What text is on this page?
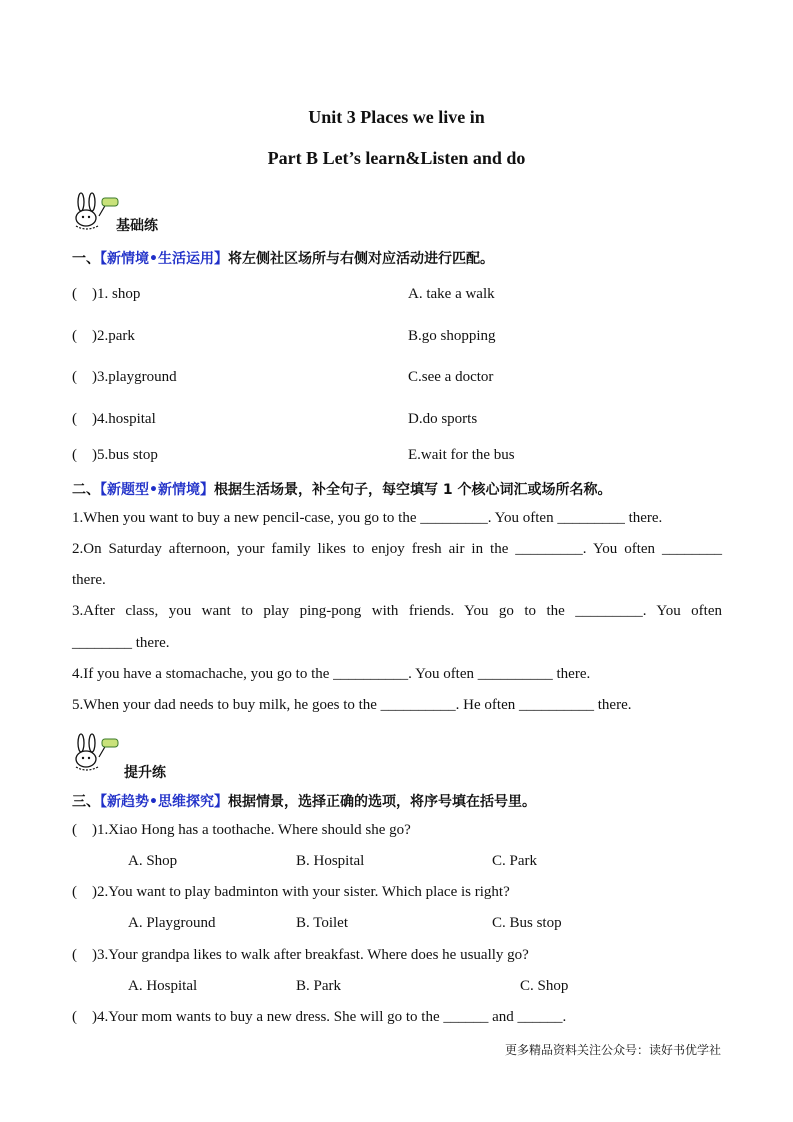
Unit 3 Places we live in
Part B Let’s learn&Listen and do
基础练
一、【新情境•生活运用】将左侧社区场所与右侧对应活动进行匹配。
(    )1. shop	A. take a walk
(    )2.park	B.go shopping
(    )3.playground	C.see a doctor
(    )4.hospital	D.do sports
(    )5.bus stop	E.wait for the bus
二、【新题型•新情境】根据生活场景，补全句子，每空填写 1 个核心词汇或场所名称。
1.When you want to buy a new pencil-case, you go to the _________. You often _________ there.
2.On Saturday afternoon, your family likes to enjoy fresh air in the _________. You often ________
there.
3.After class, you want to play ping-pong with friends. You go to the _________. You often
________ there.
4.If you have a stomachache, you go to the __________. You often __________ there.
5.When your dad needs to buy milk, he goes to the __________. He often __________ there.
提升练
三、【新趋势•思维探究】根据情景，选择正确的选项，将序号填在括号里。
(    )1.Xiao Hong has a toothache. Where should she go?
A. Shop	B. Hospital	C. Park
(    )2.You want to play badminton with your sister. Which place is right?
A. Playground	B. Toilet	C. Bus stop
(    )3.Your grandpa likes to walk after breakfast. Where does he usually go?
A. Hospital	B. Park	C. Shop
(    )4.Your mom wants to buy a new dress. She will go to the ______ and ______.
更多精品资料关注公众号：读好书优学社
